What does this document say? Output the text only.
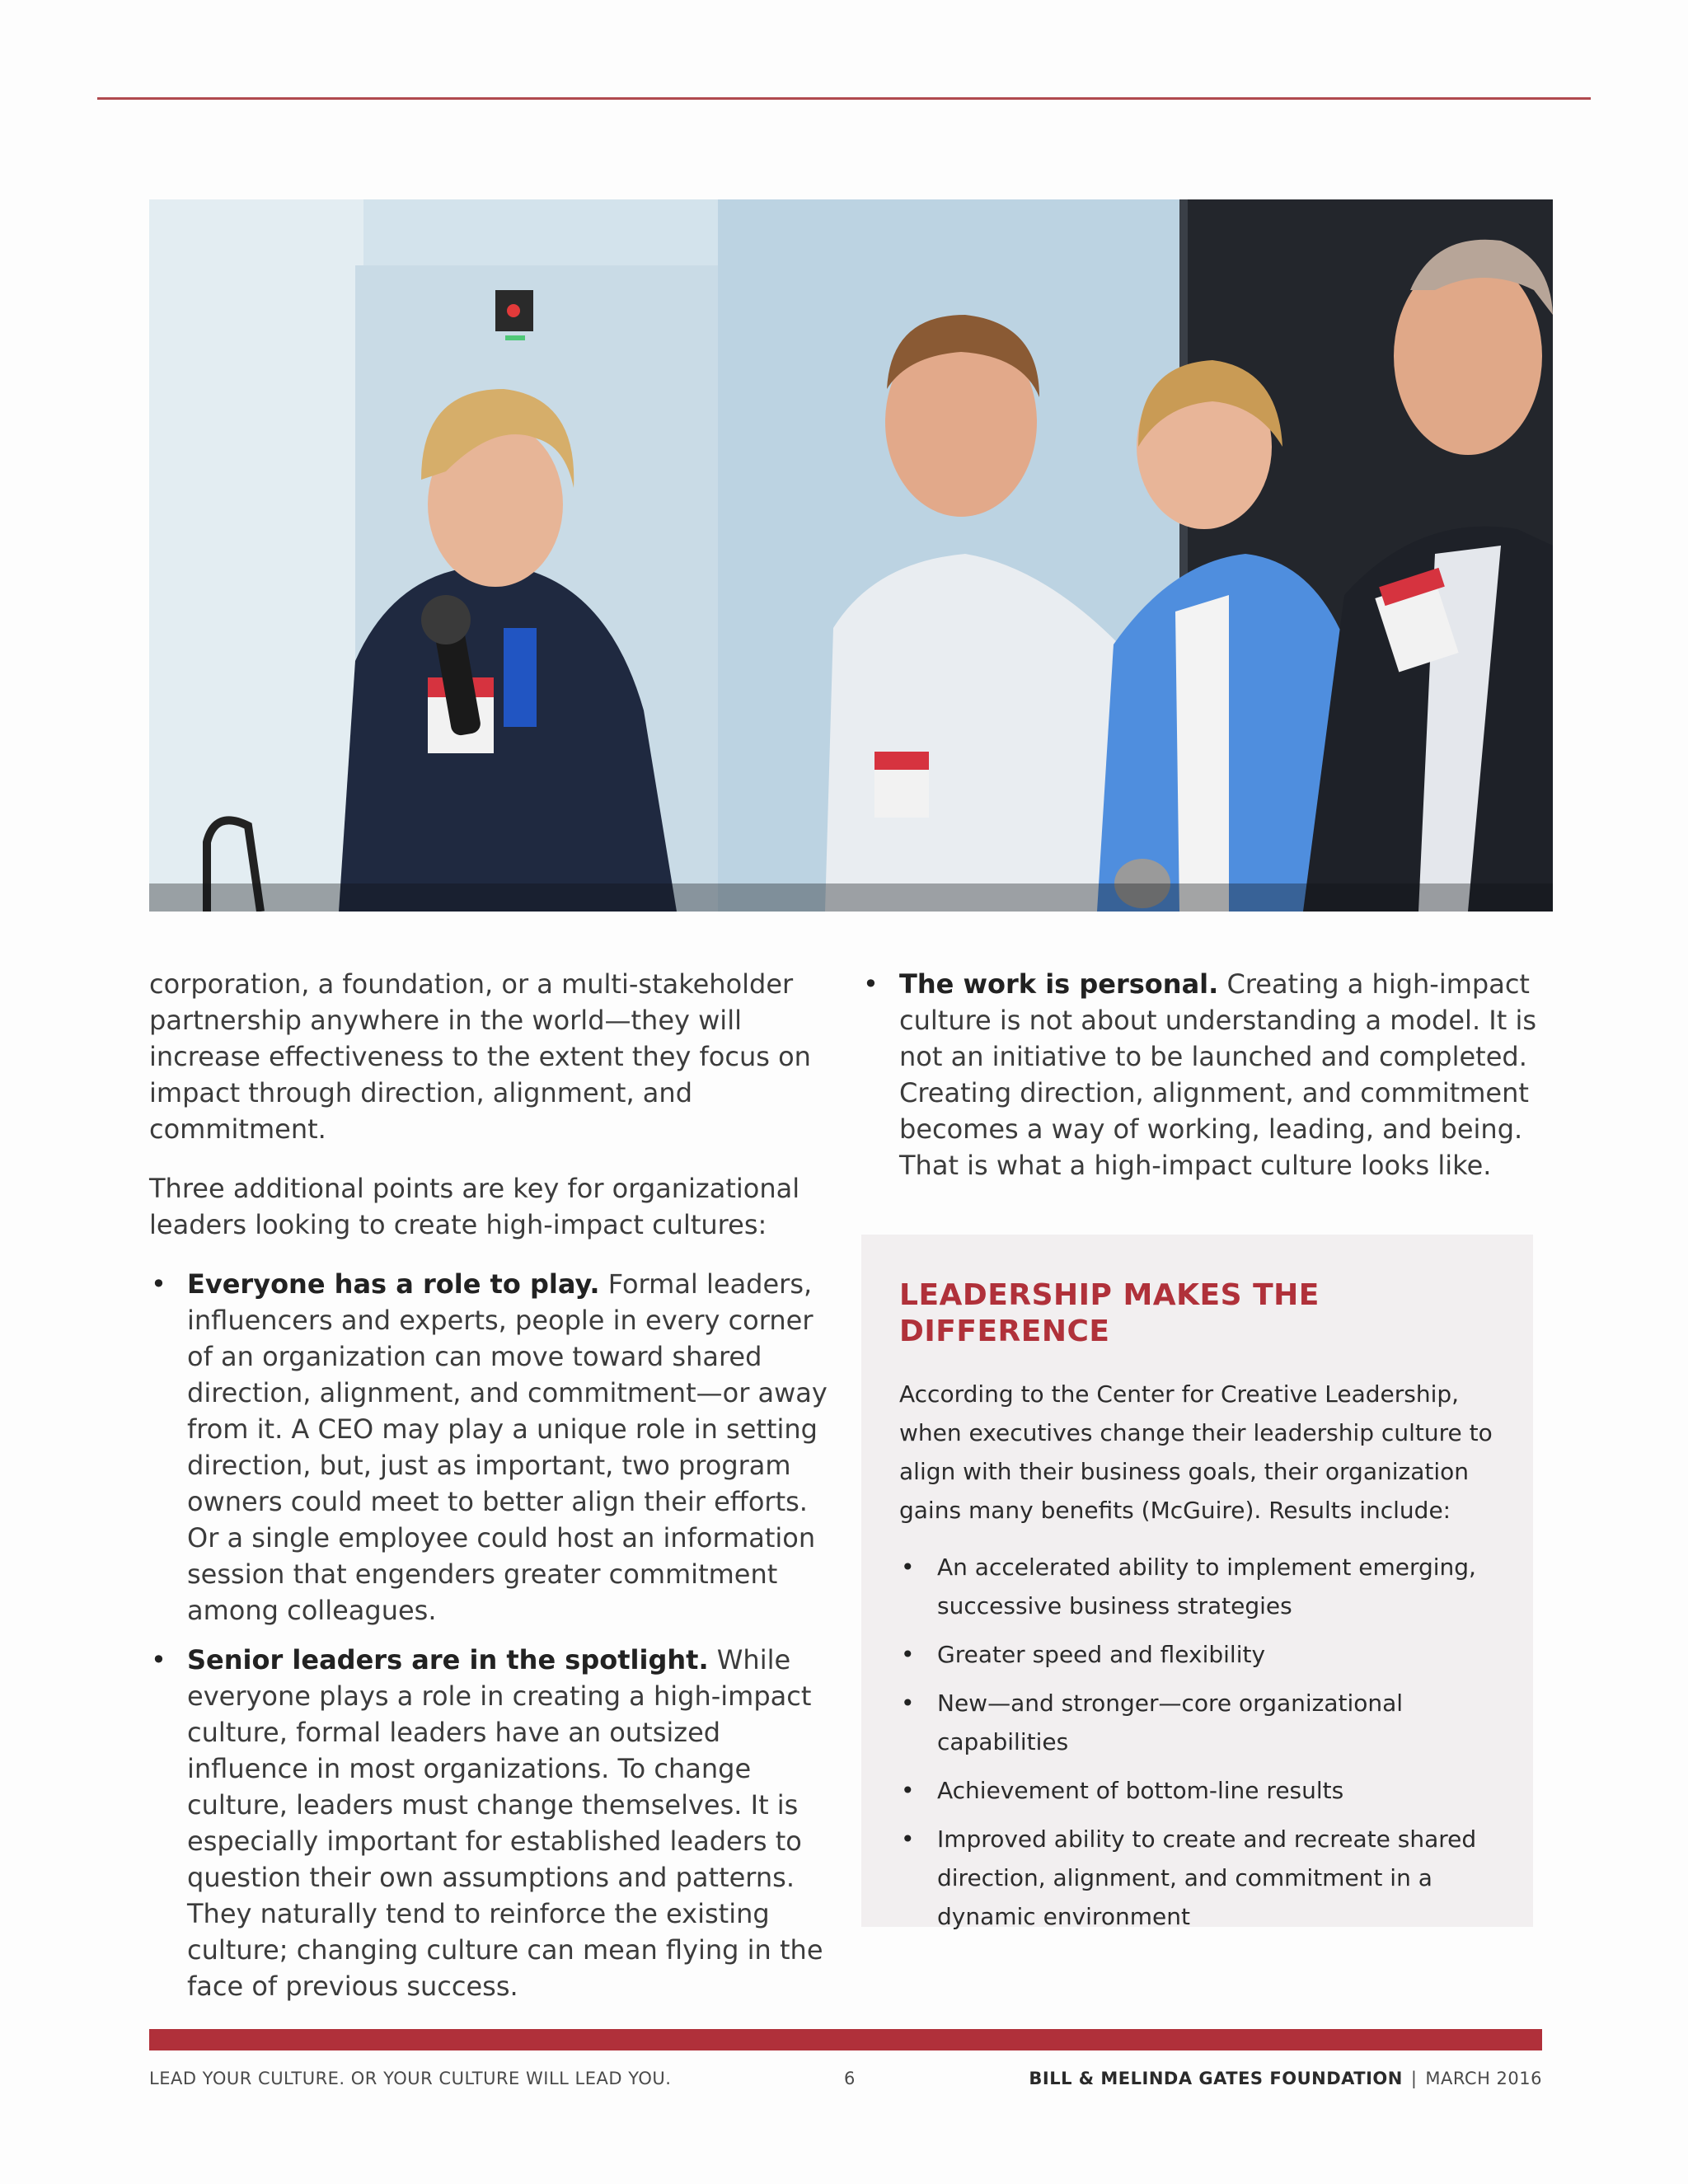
corporation, a foundation, or a multi-stakeholder partnership anywhere in the world—they will increase effectiveness to the extent they focus on impact through direction, alignment, and commitment.

Three additional points are key for organizational leaders looking to create high-impact cultures:

• Everyone has a role to play. Formal leaders, influencers and experts, people in every corner of an organization can move toward shared direction, alignment, and commitment—or away from it. A CEO may play a unique role in setting direction, but, just as important, two program owners could meet to better align their efforts. Or a single employee could host an information session that engenders greater commitment among colleagues.
• Senior leaders are in the spotlight. While everyone plays a role in creating a high-impact culture, formal leaders have an outsized influence in most organizations. To change culture, leaders must change themselves. It is especially important for established leaders to question their own assumptions and patterns. They naturally tend to reinforce the existing culture; changing culture can mean flying in the face of previous success.
• The work is personal. Creating a high-impact culture is not about understanding a model. It is not an initiative to be launched and completed. Creating direction, alignment, and commitment becomes a way of working, leading, and being. That is what a high-impact culture looks like.
LEADERSHIP MAKES THE DIFFERENCE

According to the Center for Creative Leadership, when executives change their leadership culture to align with their business goals, their organization gains many benefits (McGuire). Results include:

• An accelerated ability to implement emerging, successive business strategies
• Greater speed and flexibility
• New—and stronger—core organizational capabilities
• Achievement of bottom-line results
• Improved ability to create and recreate shared direction, alignment, and commitment in a dynamic environment
LEAD YOUR CULTURE. OR YOUR CULTURE WILL LEAD YOU.	6	BILL & MELINDA GATES FOUNDATION | MARCH 2016
